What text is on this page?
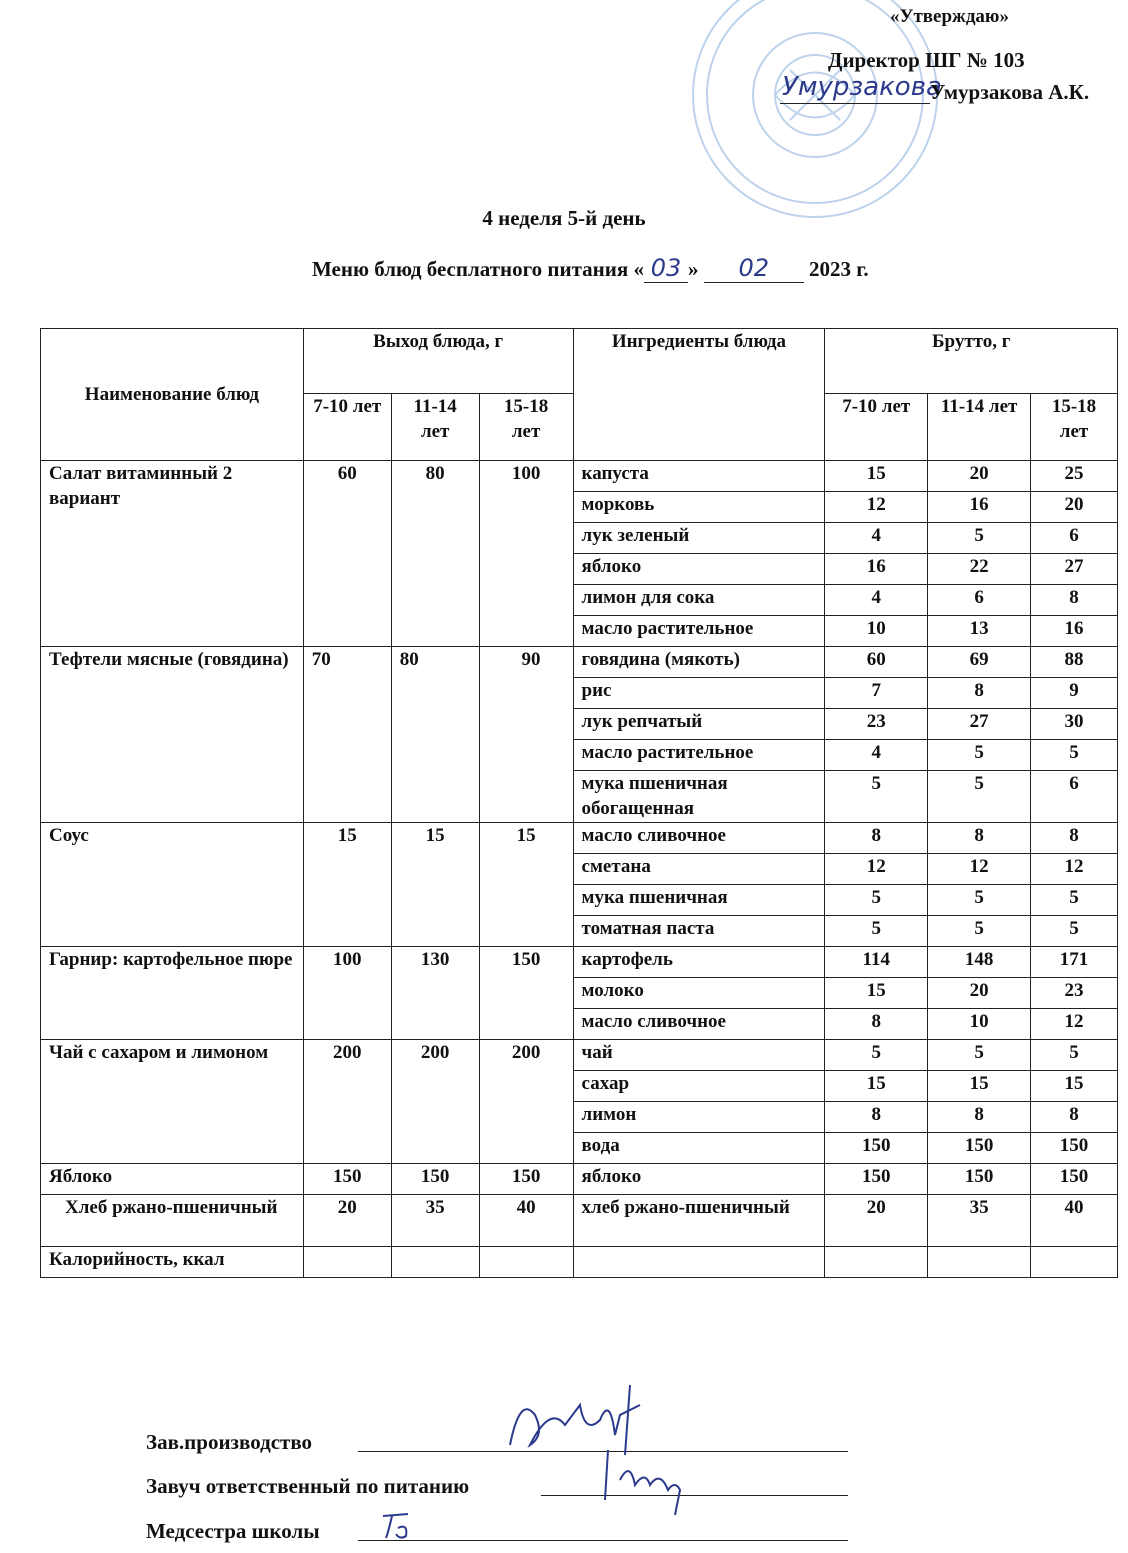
«Утверждаю»
Директор ШГ № 103
Умурзакова
Умурзакова А.К.
4 неделя 5-й день
Меню блюд бесплатного питания « 03 » 02 2023 г.
Наименование блюд	Выход блюда, г			Ингредиенты блюда	Брутто, г		
	7-10 лет	11-14 лет	15-18 лет		7-10 лет	11-14 лет	15-18 лет
Салат витаминный 2 вариант	60	80	100	капуста	15	20	25
				морковь	12	16	20
				лук зеленый	4	5	6
				яблоко	16	22	27
				лимон для сока	4	6	8
				масло растительное	10	13	16
Тефтели мясные (говядина)	70	80	90	говядина (мякоть)	60	69	88
				рис	7	8	9
				лук репчатый	23	27	30
				масло растительное	4	5	5
				мука пшеничная обогащенная	5	5	6
Соус	15	15	15	масло сливочное	8	8	8
				сметана	12	12	12
				мука пшеничная	5	5	5
				томатная паста	5	5	5
Гарнир: картофельное пюре	100	130	150	картофель	114	148	171
				молоко	15	20	23
				масло сливочное	8	10	12
Чай с сахаром и лимоном	200	200	200	чай	5	5	5
				сахар	15	15	15
				лимон	8	8	8
				вода	150	150	150
Яблоко	150	150	150	яблоко	150	150	150
Хлеб ржано-пшеничный	20	35	40	хлеб ржано-пшеничный	20	35	40
Калорийность, ккал							
Зав.производство
Завуч ответственный по питанию
Медсестра школы
